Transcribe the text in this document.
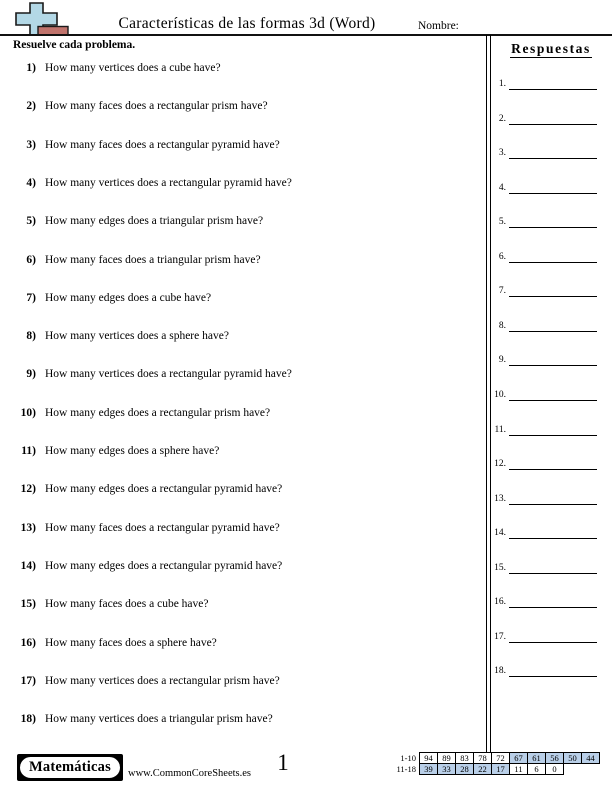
Características de las formas 3d (Word)	Nombre:
Resuelve cada problema.
1) How many vertices does a cube have?
2) How many faces does a rectangular prism have?
3) How many faces does a rectangular pyramid have?
4) How many vertices does a rectangular pyramid have?
5) How many edges does a triangular prism have?
6) How many faces does a triangular prism have?
7) How many edges does a cube have?
8) How many vertices does a sphere have?
9) How many vertices does a rectangular pyramid have?
10) How many edges does a rectangular prism have?
11) How many edges does a sphere have?
12) How many edges does a rectangular pyramid have?
13) How many faces does a rectangular pyramid have?
14) How many edges does a rectangular pyramid have?
15) How many faces does a cube have?
16) How many faces does a sphere have?
17) How many vertices does a rectangular prism have?
18) How many vertices does a triangular prism have?
Respuestas
1.
2.
3.
4.
5.
6.
7.
8.
9.
10.
11.
12.
13.
14.
15.
16.
17.
18.
Matemáticas	www.CommonCoreSheets.es	1	1-10 94	89	83	78	72	67	61	56	50	44
11-18 39	33	28	22	17	11	6	0
